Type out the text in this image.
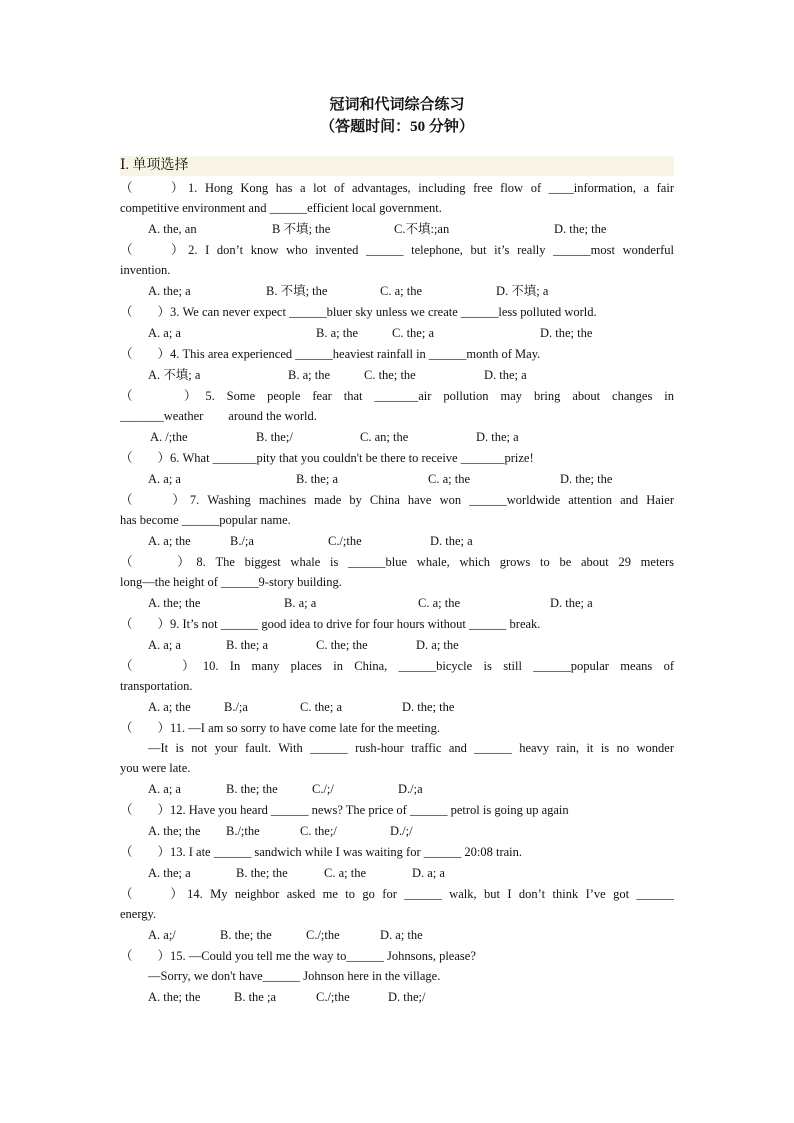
冠词和代词综合练习
（答题时间：50 分钟）
Ⅰ. 单项选择
（　　）1. Hong Kong has a lot of advantages, including free flow of ____information, a fair
competitive environment and ______efficient local government.
A. the, an	B 不填; the	C.不填:;an	D. the; the
（　　）2. I don’t know who invented ______ telephone, but it’s really ______most wonderful
invention.
A. the; a	B. 不填; the	C. a; the	D. 不填; a
（　　）3. We can never expect ______bluer sky unless we create ______less polluted world.
A. a; a	B. a; the	C. the; a	D. the; the
（　　）4. This area experienced ______heaviest rainfall in ______month of May.
A. 不填; a	B. a; the	C. the; the	D. the; a
（　　）5. Some people fear that _______air pollution may bring about changes in
_______weather　　around the world.
A. /;the	B. the;/	C. an; the	D. the; a
（　　）6. What _______pity that you couldn't be there to receive _______prize!
A. a; a	B. the; a	C. a; the	D. the; the
（　　）7. Washing machines made by China have won ______worldwide attention and Haier
has become ______popular name.
A. a; the	B./;a	C./;the	D. the; a
（　　）8. The biggest whale is ______blue whale, which grows to be about 29 meters
long—the height of ______9-story building.
A. the; the	B. a; a	C. a; the	D. the; a
（　　）9. It’s not ______ good idea to drive for four hours without ______ break.
A. a; a	B. the; a	C. the; the	D. a; the
（　　）10. In many places in China, ______bicycle is still ______popular means of
transportation.
A. a; the	B./;a	C. the; a	D. the; the
（　　）11. —I am so sorry to have come late for the meeting.
—It is not your fault. With ______ rush-hour traffic and ______ heavy rain, it is no wonder
you were late.
A. a; a	B. the; the	C./;/	D./;a
（　　）12. Have you heard ______ news? The price of ______ petrol is going up again
A. the; the B./;the	C. the;/	D./;/
（　　）13. I ate ______ sandwich while I was waiting for ______ 20:08 train.
A. the; a	B. the; the	C. a; the	D. a; a
（　　）14. My neighbor asked me to go for ______ walk, but I don’t think I’ve got ______
energy.
A. a;/	B. the; the	C./;the	D. a; the
（　　）15. —Could you tell me the way to______ Johnsons, please?
—Sorry, we don't have______ Johnson here in the village.
A. the; the	B. the ;a	C./;the	D. the;/
